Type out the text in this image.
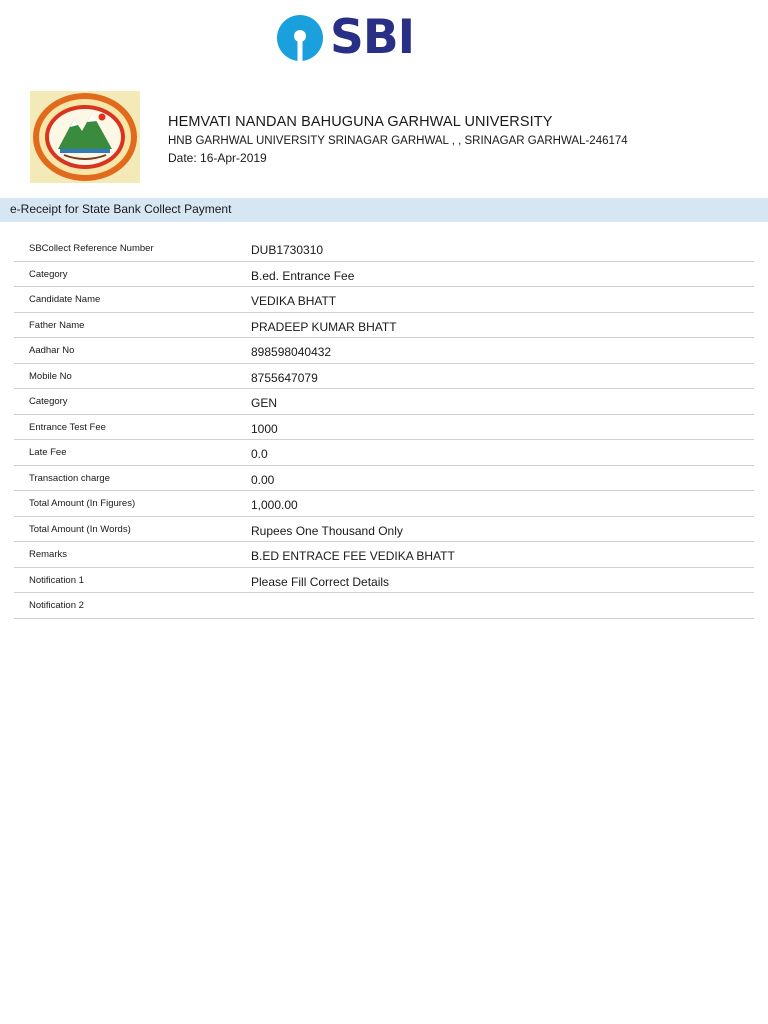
SBI
HEMVATI NANDAN BAHUGUNA GARHWAL UNIVERSITY
HNB GARHWAL UNIVERSITY SRINAGAR GARHWAL , , SRINAGAR GARHWAL-246174
Date: 16-Apr-2019
e-Receipt for State Bank Collect Payment
SBCollect Reference Number	DUB1730310
Category	B.ed. Entrance Fee
Candidate Name	VEDIKA BHATT
Father Name	PRADEEP KUMAR BHATT
Aadhar No	898598040432
Mobile No	8755647079
Category	GEN
Entrance Test Fee	1000
Late Fee	0.0
Transaction charge	0.00
Total Amount (In Figures)	1,000.00
Total Amount (In Words)	Rupees One Thousand Only
Remarks	B.ED ENTRACE FEE VEDIKA BHATT
Notification 1	Please Fill Correct Details
Notification 2
